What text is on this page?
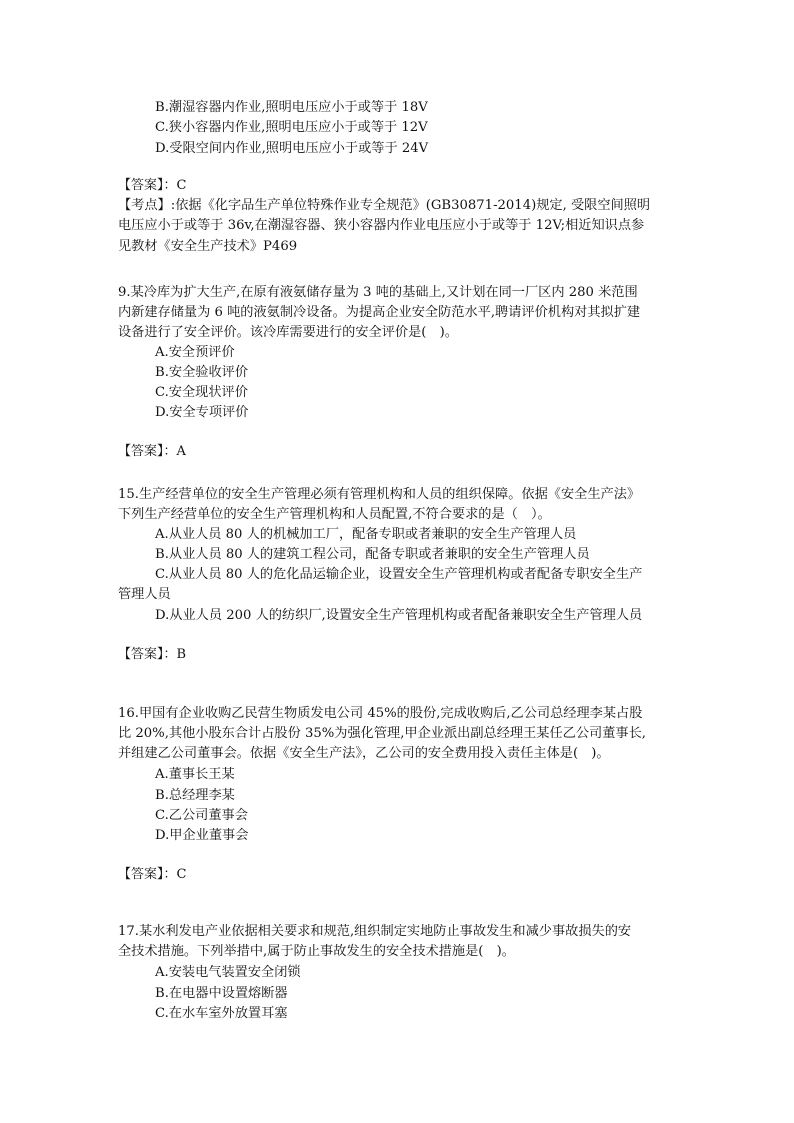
B.潮湿容器内作业,照明电压应小于或等于 18V
C.狭小容器内作业,照明电压应小于或等于 12V
D.受限空间内作业,照明电压应小于或等于 24V
【答案】：C
【考点】:依据《化字品生产单位特殊作业专全规范》(GB30871-2014)规定, 受限空间照明
电压应小于或等于 36v,在潮湿容器、狭小容器内作业电压应小于或等于 12V;相近知识点参
见教材《安全生产技术》P469
9.某冷库为扩大生产,在原有液氨储存量为 3 吨的基础上,又计划在同一厂区内 280 米范围
内新建存储量为 6 吨的液氨制冷设备。为提高企业安全防范水平,聘请评价机构对其拟扩建
设备进行了安全评价。该冷库需要进行的安全评价是(　)。
A.安全预评价
B.安全验收评价
C.安全现状评价
D.安全专项评价
【答案】：A
15.生产经营单位的安全生产管理必须有管理机构和人员的组织保障。依据《安全生产法》
下列生产经营单位的安全生产管理机构和人员配置,不符合要求的是（　）。
A.从业人员 80 人的机械加工厂，配备专职或者兼职的安全生产管理人员
B.从业人员 80 人的建筑工程公司，配备专职或者兼职的安全生产管理人员
C.从业人员 80 人的危化品运输企业，设置安全生产管理机构或者配备专职安全生产
管理人员
D.从业人员 200 人的纺织厂,设置安全生产管理机构或者配备兼职安全生产管理人员
【答案】：B
16.甲国有企业收购乙民营生物质发电公司 45%的股份,完成收购后,乙公司总经理李某占股
比 20%,其他小股东合计占股份 35%为强化管理,甲企业派出副总经理王某任乙公司董事长,
并组建乙公司董事会。依据《安全生产法》，乙公司的安全费用投入责任主体是(　)。
A.董事长王某
B.总经理李某
C.乙公司董事会
D.甲企业董事会
【答案】：C
17.某水利发电产业依据相关要求和规范,组织制定实地防止事故发生和减少事故损失的安
全技术措施。下列举措中,属于防止事故发生的安全技术措施是(　)。
A.安装电气装置安全闭锁
B.在电器中设置熔断器
C.在水车室外放置耳塞
